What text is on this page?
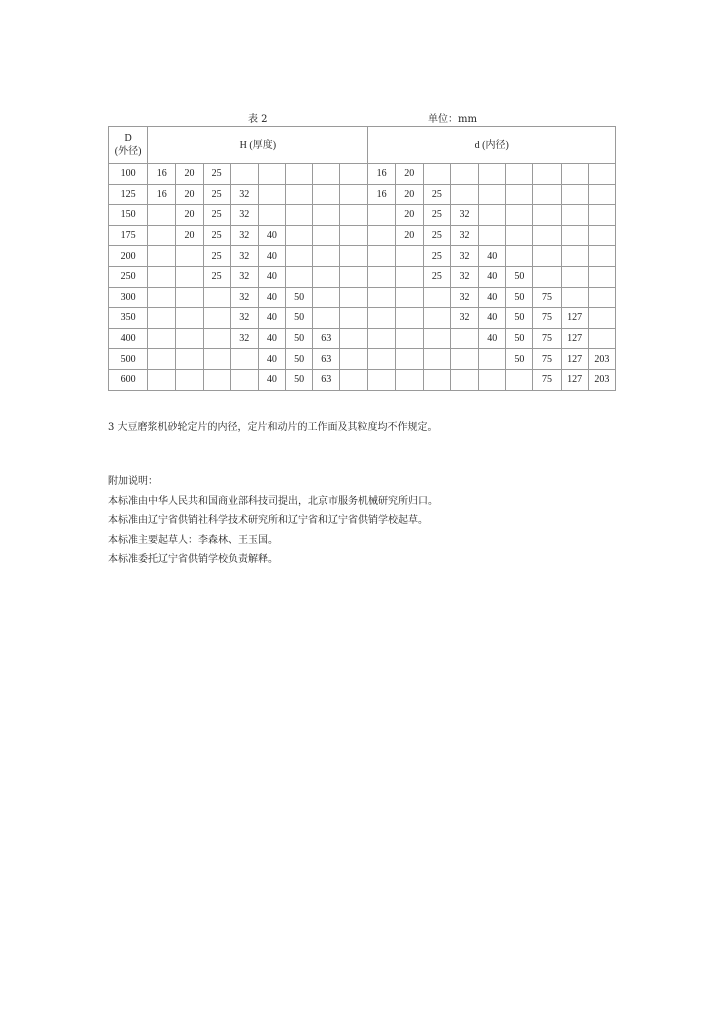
表 2	单位：mm
D
(外径)	H (厚度)								d (内径)								
100	16	20	25						16	20							
125	16	20	25	32					16	20	25						
150		20	25	32						20	25	32					
175		20	25	32	40					20	25	32					
200			25	32	40						25	32	40				
250			25	32	40						25	32	40	50			
300				32	40	50						32	40	50	75		
350				32	40	50						32	40	50	75	127	
400				32	40	50	63						40	50	75	127	
500					40	50	63							50	75	127	203
600					40	50	63								75	127	203
3 大豆磨浆机砂轮定片的内径，定片和动片的工作面及其粒度均不作规定。
附加说明：
本标准由中华人民共和国商业部科技司提出，北京市服务机械研究所归口。
本标准由辽宁省供销社科学技术研究所和辽宁省和辽宁省供销学校起草。
本标准主要起草人：李森林、王玉国。
本标准委托辽宁省供销学校负责解释。
